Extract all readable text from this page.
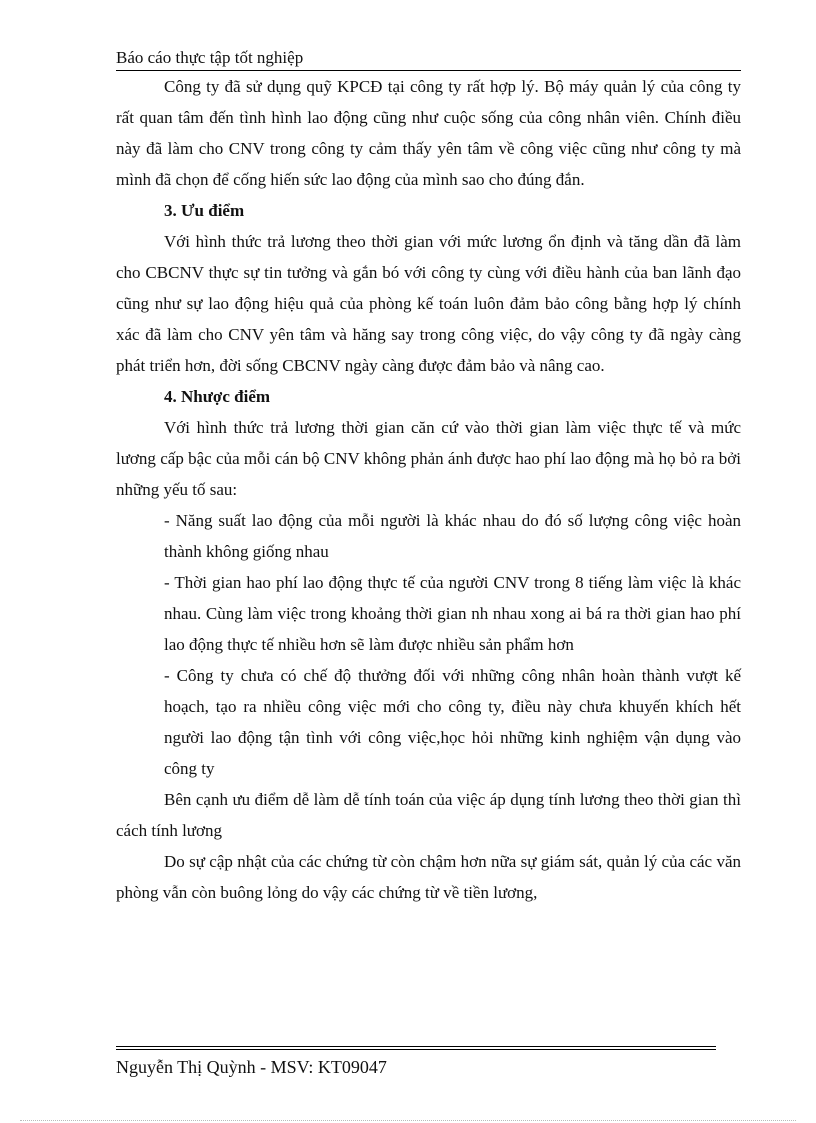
Báo cáo thực tập tốt nghiệp

Công ty đã sử dụng quỹ KPCĐ tại công ty rất hợp lý. Bộ máy quản lý của công ty rất quan tâm đến tình hình lao động cũng như cuộc sống của công nhân viên. Chính điều này đã làm cho CNV trong công ty cảm thấy yên tâm về công việc cũng như công ty mà mình đã chọn để cống hiến sức lao động của mình sao cho đúng đắn.

3. Ưu điểm

Với hình thức trả lương theo thời gian với mức lương ổn định và tăng dần đã làm cho CBCNV thực sự tin tưởng và gắn bó với công ty cùng với điều hành của ban lãnh đạo cũng như sự lao động hiệu quả của phòng kế toán luôn đảm bảo công bằng hợp lý chính xác đã làm cho CNV yên tâm và hăng say trong công việc, do vậy công ty đã ngày càng phát triển hơn, đời sống CBCNV ngày càng được đảm bảo và nâng cao.

4. Nhược điểm

Với hình thức trả lương thời gian căn cứ vào thời gian làm việc thực tế và mức lương cấp bậc của mỗi cán bộ CNV không phản ánh được hao phí lao động mà họ bỏ ra bởi những yếu tố sau:

- Năng suất lao động của mỗi người là khác nhau do đó số lượng công việc hoàn thành không giống nhau

- Thời gian hao phí lao động thực tế của người CNV trong 8 tiếng làm việc là khác nhau. Cùng làm việc trong khoảng thời gian nh nhau xong ai bá ra thời gian hao phí lao động thực tế nhiều hơn sẽ làm được nhiều sản phẩm hơn

- Công ty chưa có chế độ thưởng đối với những công nhân hoàn thành vượt kế hoạch, tạo ra nhiều công việc mới cho công ty, điều này chưa khuyến khích hết người lao động tận tình với công việc,học hỏi những kinh nghiệm vận dụng vào công ty

Bên cạnh ưu điểm dễ làm dễ tính toán của việc áp dụng tính lương theo thời gian thì cách tính lương

Do sự cập nhật của các chứng từ còn chậm hơn nữa sự giám sát, quản lý của các văn phòng vẫn còn buông lỏng do vậy các chứng từ về tiền lương,

Nguyễn Thị Quỳnh - MSV: KT09047
